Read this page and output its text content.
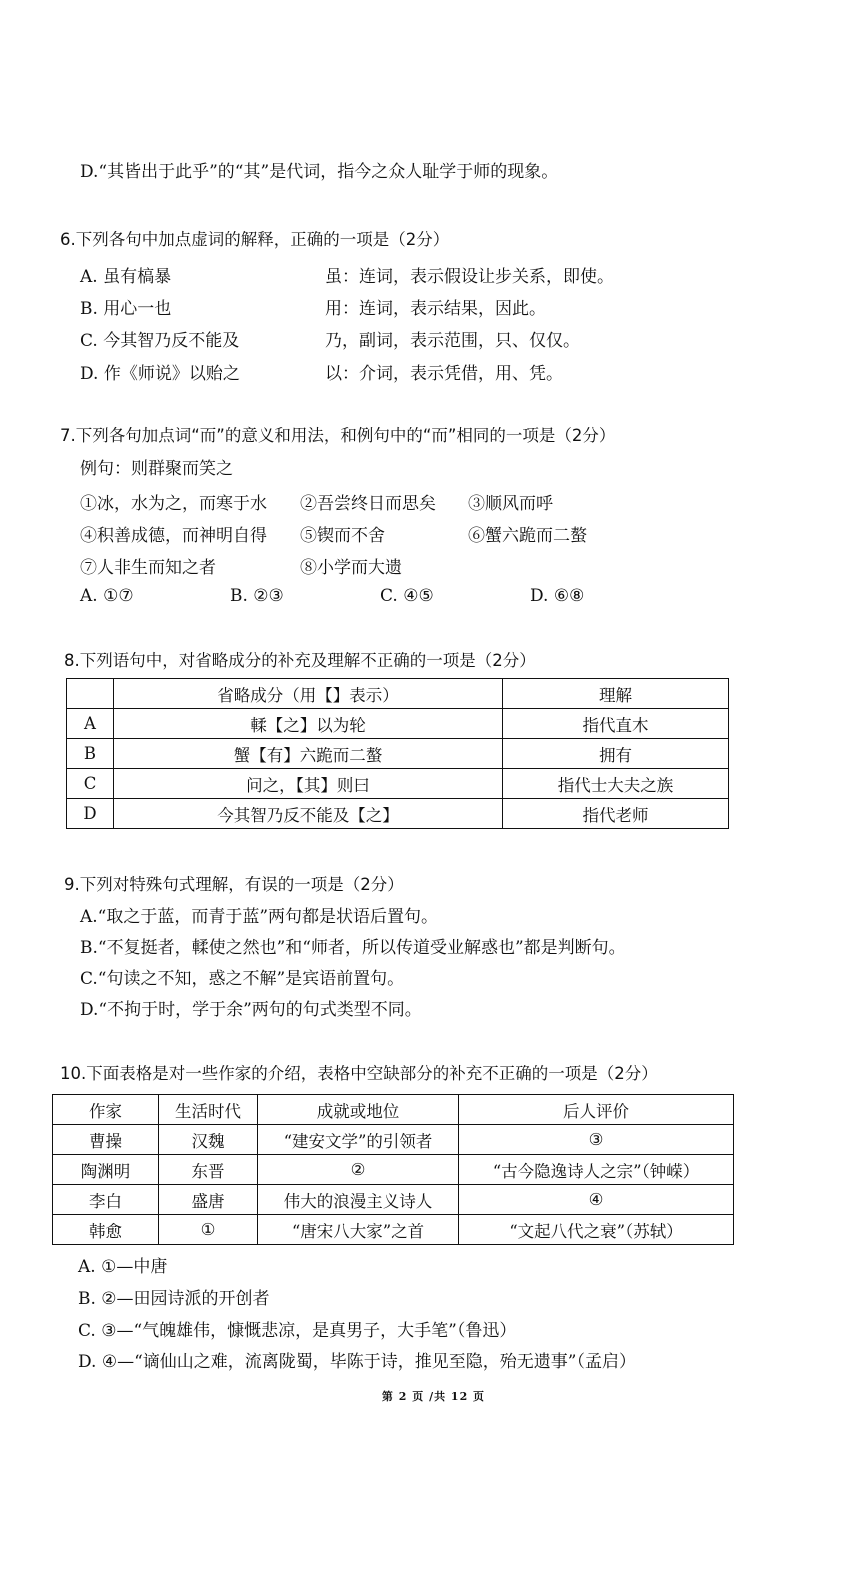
D.“其皆出于此乎”的“其”是代词，指今之众人耻学于师的现象。
6.下列各句中加点虚词的解释，正确的一项是（2分）
A. 虽有槁暴	虽：连词，表示假设让步关系，即使。
B. 用心一也	用：连词，表示结果，因此。
C. 今其智乃反不能及	乃，副词，表示范围，只、仅仅。
D. 作《师说》以贻之	以：介词，表示凭借，用、凭。
7.下列各句加点词“而”的意义和用法，和例句中的“而”相同的一项是（2分）
例句：则群聚而笑之
①冰，水为之，而寒于水 ②吾尝终日而思矣 ③顺风而呼
④积善成德，而神明自得 ⑤锲而不舍	⑥蟹六跪而二螯
⑦人非生而知之者	⑧小学而大遗
A. ①⑦	B. ②③	C. ④⑤	D. ⑥⑧
8.下列语句中，对省略成分的补充及理解不正确的一项是（2分）
	省略成分（用【】表示）	理解
A	輮【之】以为轮	指代直木
B	蟹【有】六跪而二螯	拥有
C	问之，【其】则曰	指代士大夫之族
D	今其智乃反不能及【之】	指代老师
9.下列对特殊句式理解，有误的一项是（2分）
A.“取之于蓝，而青于蓝”两句都是状语后置句。
B.“不复挺者，輮使之然也”和“师者，所以传道受业解惑也”都是判断句。
C.“句读之不知，惑之不解”是宾语前置句。
D.“不拘于时，学于余”两句的句式类型不同。
10.下面表格是对一些作家的介绍，表格中空缺部分的补充不正确的一项是（2分）
作家	生活时代	成就或地位	后人评价
曹操	汉魏	“建安文学”的引领者	③
陶渊明	东晋	②	“古今隐逸诗人之宗”（钟嵘）
李白	盛唐	伟大的浪漫主义诗人	④
韩愈	①	“唐宋八大家”之首	“文起八代之衰”（苏轼）
A. ①—中唐
B. ②—田园诗派的开创者
C. ③—“气魄雄伟，慷慨悲凉，是真男子，大手笔”（鲁迅）
D. ④—“谪仙山之难，流离陇蜀，毕陈于诗，推见至隐，殆无遗事”（孟启）
第 2 页 /共 12 页
